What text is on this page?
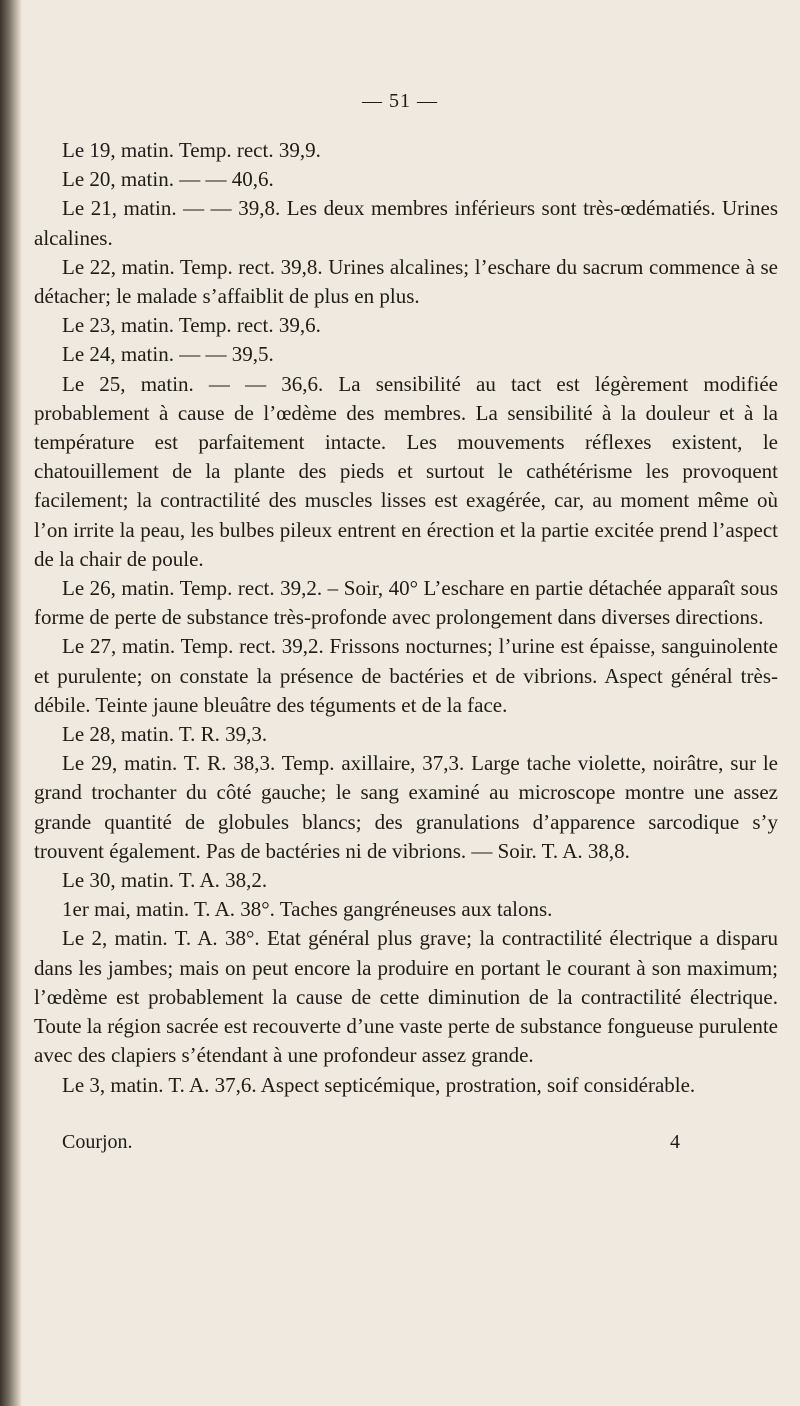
— 51 —

Le 19, matin. Temp. rect. 39,9.

Le 20, matin. — — 40,6.

Le 21, matin. — — 39,8. Les deux membres inférieurs sont très-œdématiés. Urines alcalines.

Le 22, matin. Temp. rect. 39,8. Urines alcalines; l’eschare du sacrum commence à se détacher; le malade s’affaiblit de plus en plus.

Le 23, matin. Temp. rect. 39,6.

Le 24, matin. — — 39,5.

Le 25, matin. — — 36,6. La sensibilité au tact est légèrement modifiée probablement à cause de l’œdème des membres. La sensibilité à la douleur et à la température est parfaitement intacte. Les mouvements réflexes existent, le chatouillement de la plante des pieds et surtout le cathétérisme les provoquent facilement; la contractilité des muscles lisses est exagérée, car, au moment même où l’on irrite la peau, les bulbes pileux entrent en érection et la partie excitée prend l’aspect de la chair de poule.

Le 26, matin. Temp. rect. 39,2. – Soir, 40° L’eschare en partie détachée apparaît sous forme de perte de substance très-profonde avec prolongement dans diverses directions.

Le 27, matin. Temp. rect. 39,2. Frissons nocturnes; l’urine est épaisse, sanguinolente et purulente; on constate la présence de bactéries et de vibrions. Aspect général très-débile. Teinte jaune bleuâtre des téguments et de la face.

Le 28, matin. T. R. 39,3.

Le 29, matin. T. R. 38,3. Temp. axillaire, 37,3. Large tache violette, noirâtre, sur le grand trochanter du côté gauche; le sang examiné au microscope montre une assez grande quantité de globules blancs; des granulations d’apparence sarcodique s’y trouvent également. Pas de bactéries ni de vibrions. — Soir. T. A. 38,8.

Le 30, matin. T. A. 38,2.

1er mai, matin. T. A. 38°. Taches gangréneuses aux talons.

Le 2, matin. T. A. 38°. Etat général plus grave; la contractilité électrique a disparu dans les jambes; mais on peut encore la produire en portant le courant à son maximum; l’œdème est probablement la cause de cette diminution de la contractilité électrique. Toute la région sacrée est recouverte d’une vaste perte de substance fongueuse purulente avec des clapiers s’étendant à une profondeur assez grande.

Le 3, matin. T. A. 37,6. Aspect septicémique, prostration, soif considérable.

Courjon.	4
